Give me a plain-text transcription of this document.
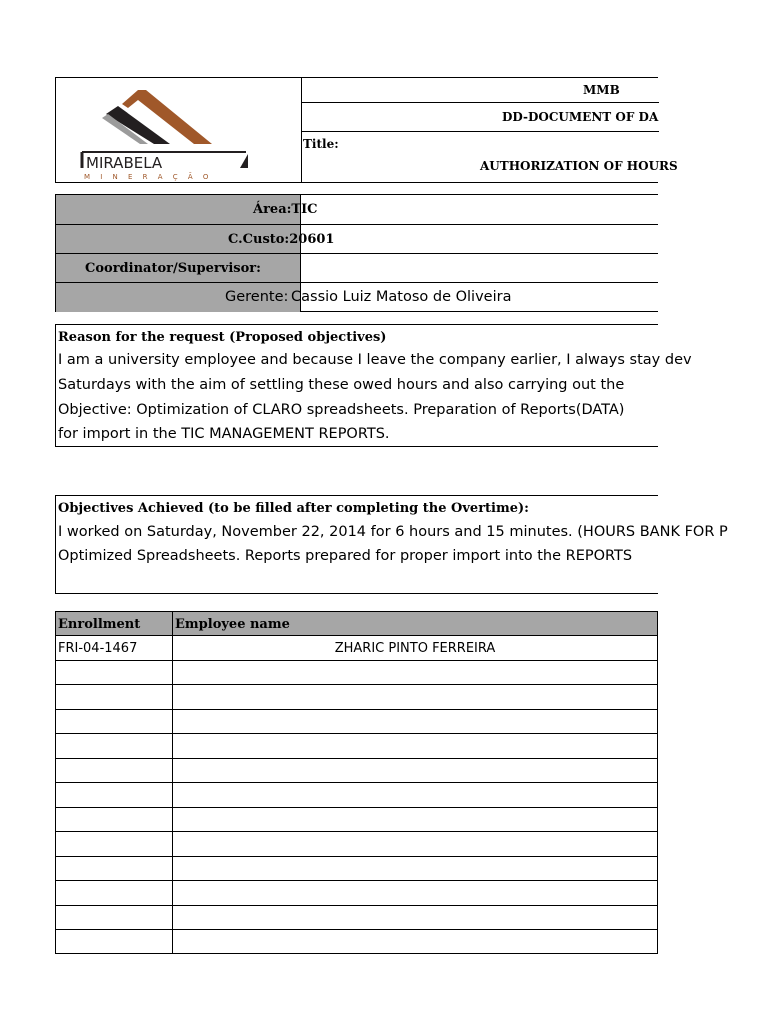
MIRABELA
M I N E R A Ç Ã O
MMB
DD-DOCUMENT OF DA
Title:
AUTHORIZATION OF HOURS
Área:TIC
C.Custo:20601
Coordinator/Supervisor:
Gerente: Cassio Luiz Matoso de Oliveira
Reason for the request (Proposed objectives)
I am a university employee and because I leave the company earlier, I always stay dev
Saturdays with the aim of settling these owed hours and also carrying out the
Objective: Optimization of CLARO spreadsheets. Preparation of Reports(DATA)
for import in the TIC MANAGEMENT REPORTS.
Objectives Achieved (to be filled after completing the Overtime):
I worked on Saturday, November 22, 2014 for 6 hours and 15 minutes. (HOURS BANK FOR P
Optimized Spreadsheets. Reports prepared for proper import into the REPORTS
Enrollment	Employee name
FRI-04-1467	ZHARIC PINTO FERREIRA
